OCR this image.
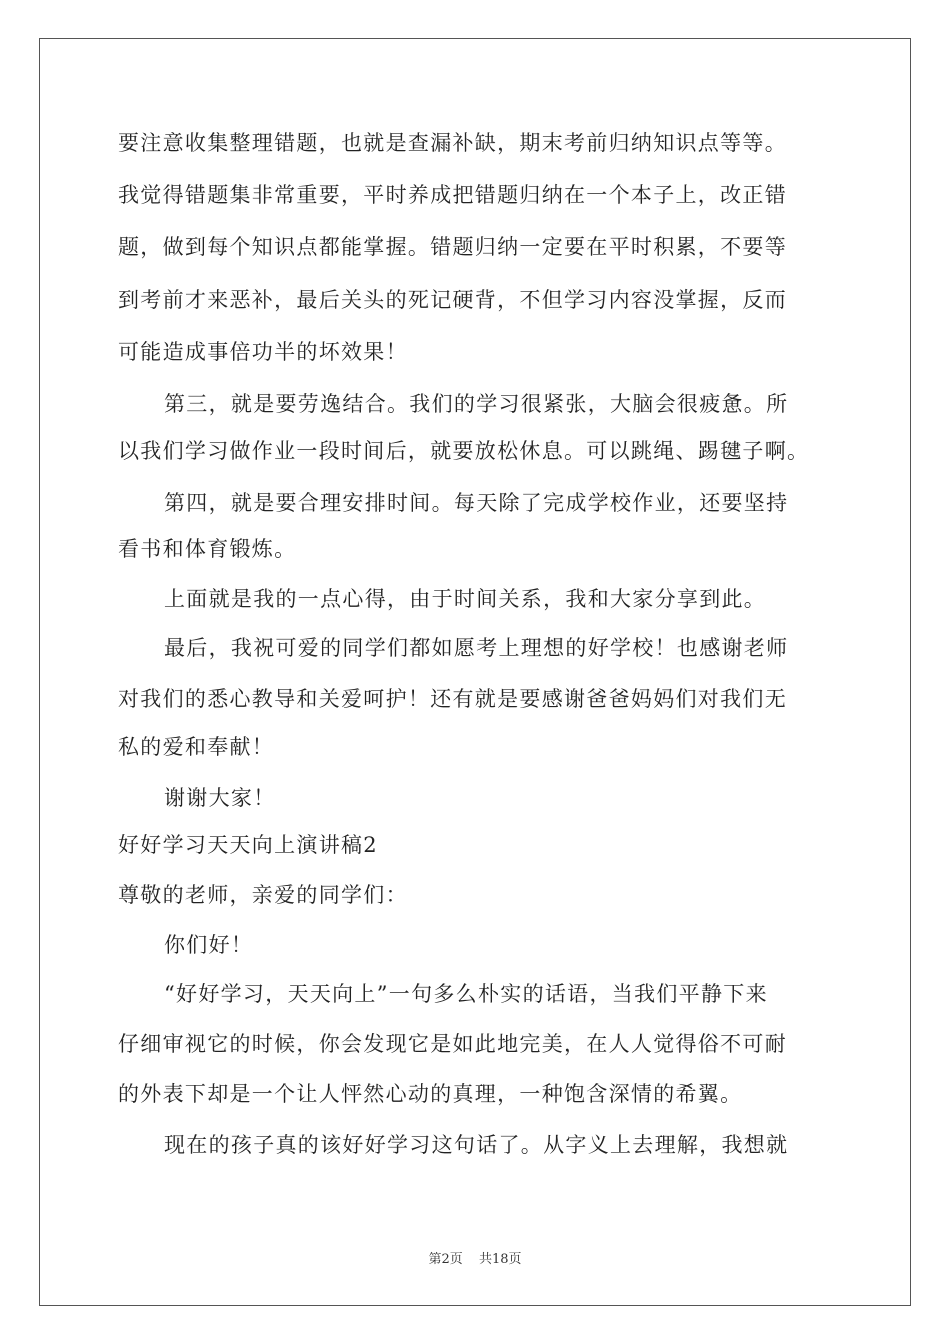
要注意收集整理错题，也就是查漏补缺，期末考前归纳知识点等等。
我觉得错题集非常重要，平时养成把错题归纳在一个本子上，改正错
题，做到每个知识点都能掌握。错题归纳一定要在平时积累，不要等
到考前才来恶补，最后关头的死记硬背，不但学习内容没掌握，反而
可能造成事倍功半的坏效果！
第三，就是要劳逸结合。我们的学习很紧张，大脑会很疲惫。所
以我们学习做作业一段时间后，就要放松休息。可以跳绳、踢毽子啊。
第四，就是要合理安排时间。每天除了完成学校作业，还要坚持
看书和体育锻炼。
上面就是我的一点心得，由于时间关系，我和大家分享到此。
最后，我祝可爱的同学们都如愿考上理想的好学校！也感谢老师
对我们的悉心教导和关爱呵护！还有就是要感谢爸爸妈妈们对我们无
私的爱和奉献！
谢谢大家！
好好学习天天向上演讲稿2
尊敬的老师，亲爱的同学们：
你们好！
“好好学习，天天向上”一句多么朴实的话语，当我们平静下来
仔细审视它的时候，你会发现它是如此地完美，在人人觉得俗不可耐
的外表下却是一个让人怦然心动的真理，一种饱含深情的希翼。
现在的孩子真的该好好学习这句话了。从字义上去理解，我想就
第2页 共18页
